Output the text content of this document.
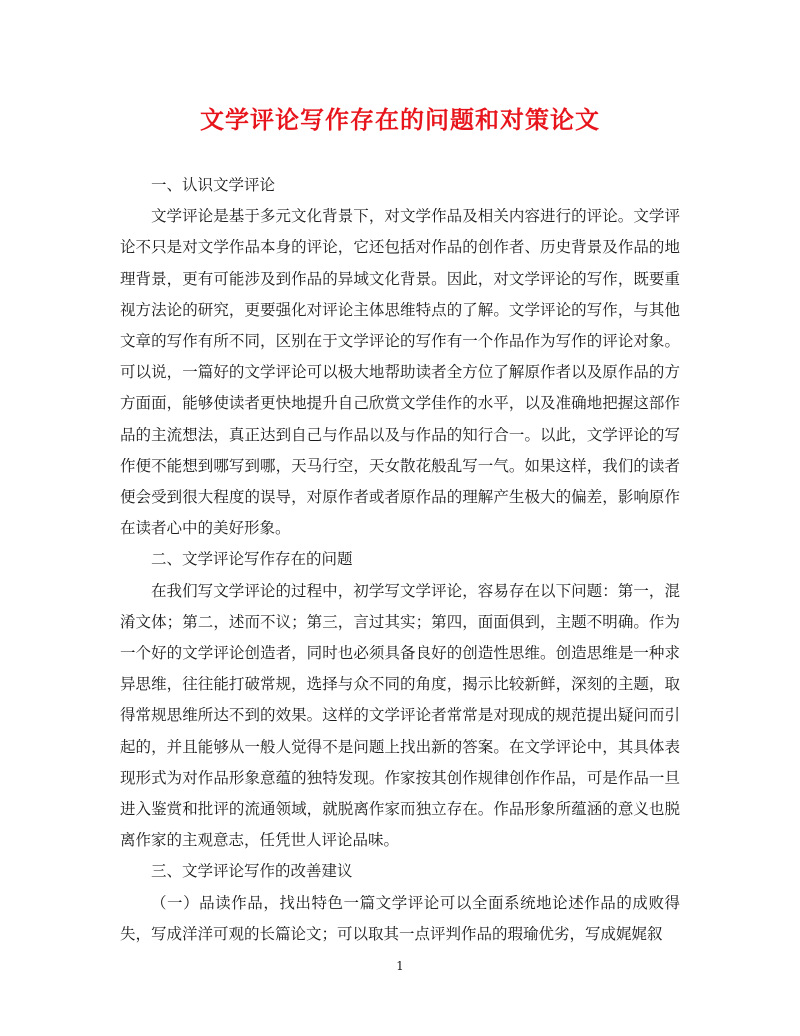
文学评论写作存在的问题和对策论文

一、认识文学评论

文学评论是基于多元文化背景下，对文学作品及相关内容进行的评论。文学评论不只是对文学作品本身的评论，它还包括对作品的创作者、历史背景及作品的地理背景，更有可能涉及到作品的异域文化背景。因此，对文学评论的写作，既要重视方法论的研究，更要强化对评论主体思维特点的了解。文学评论的写作，与其他文章的写作有所不同，区别在于文学评论的写作有一个作品作为写作的评论对象。可以说，一篇好的文学评论可以极大地帮助读者全方位了解原作者以及原作品的方方面面，能够使读者更快地提升自己欣赏文学佳作的水平，以及准确地把握这部作品的主流想法，真正达到自己与作品以及与作品的知行合一。以此，文学评论的写作便不能想到哪写到哪，天马行空，天女散花般乱写一气。如果这样，我们的读者便会受到很大程度的误导，对原作者或者原作品的理解产生极大的偏差，影响原作在读者心中的美好形象。

二、文学评论写作存在的问题

在我们写文学评论的过程中，初学写文学评论，容易存在以下问题：第一，混淆文体；第二，述而不议；第三，言过其实；第四，面面俱到，主题不明确。作为一个好的文学评论创造者，同时也必须具备良好的创造性思维。创造思维是一种求异思维，往往能打破常规，选择与众不同的角度，揭示比较新鲜，深刻的主题，取得常规思维所达不到的效果。这样的文学评论者常常是对现成的规范提出疑问而引起的，并且能够从一般人觉得不是问题上找出新的答案。在文学评论中，其具体表现形式为对作品形象意蕴的独特发现。作家按其创作规律创作作品，可是作品一旦进入鉴赏和批评的流通领域，就脱离作家而独立存在。作品形象所蕴涵的意义也脱离作家的主观意志，任凭世人评论品味。

三、文学评论写作的改善建议

（一）品读作品，找出特色一篇文学评论可以全面系统地论述作品的成败得失，写成洋洋可观的长篇论文；可以取其一点评判作品的瑕瑜优劣，写成娓娓叙

1
